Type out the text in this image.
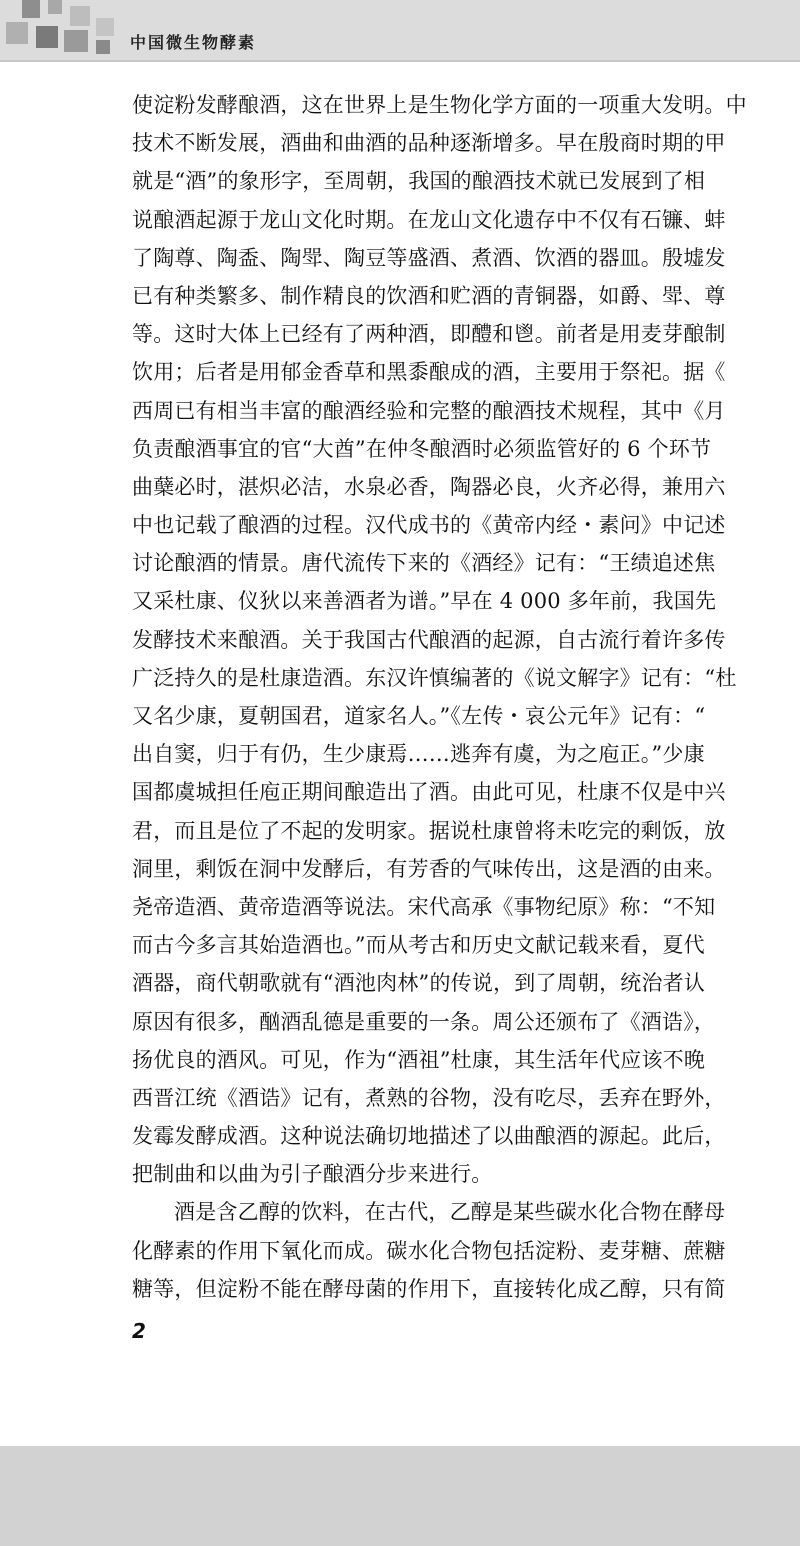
中国微生物酵素
使淀粉发酵酿酒，这在世界上是生物化学方面的一项重大发明。中
技术不断发展，酒曲和曲酒的品种逐渐增多。早在殷商时期的甲
就是“酒”的象形字，至周朝，我国的酿酒技术就已发展到了相
说酿酒起源于龙山文化时期。在龙山文化遗存中不仅有石镰、蚌
了陶尊、陶盉、陶斝、陶豆等盛酒、煮酒、饮酒的器皿。殷墟发
已有种类繁多、制作精良的饮酒和贮酒的青铜器，如爵、斝、尊
等。这时大体上已经有了两种酒，即醴和鬯。前者是用麦芽酿制
饮用；后者是用郁金香草和黑黍酿成的酒，主要用于祭祀。据《
西周已有相当丰富的酿酒经验和完整的酿酒技术规程，其中《月
负责酿酒事宜的官“大酋”在仲冬酿酒时必须监管好的 6 个环节
曲蘖必时，湛炽必洁，水泉必香，陶器必良，火齐必得，兼用六
中也记载了酿酒的过程。汉代成书的《黄帝内经・素问》中记述
讨论酿酒的情景。唐代流传下来的《酒经》记有：“王绩追述焦
又采杜康、仪狄以来善酒者为谱。”早在 4 000 多年前，我国先
发酵技术来酿酒。关于我国古代酿酒的起源，自古流行着许多传
广泛持久的是杜康造酒。东汉许慎编著的《说文解字》记有：“杜
又名少康，夏朝国君，道家名人。”《左传・哀公元年》记有：“
出自窦，归于有仍，生少康焉……逃奔有虞，为之庖正。”少康
国都虞城担任庖正期间酿造出了酒。由此可见，杜康不仅是中兴
君，而且是位了不起的发明家。据说杜康曾将未吃完的剩饭，放
洞里，剩饭在洞中发酵后，有芳香的气味传出，这是酒的由来。
尧帝造酒、黄帝造酒等说法。宋代高承《事物纪原》称：“不知
而古今多言其始造酒也。”而从考古和历史文献记载来看，夏代
酒器，商代朝歌就有“酒池肉林”的传说，到了周朝，统治者认
原因有很多，酗酒乱德是重要的一条。周公还颁布了《酒诰》，
扬优良的酒风。可见，作为“酒祖”杜康，其生活年代应该不晚
西晋江统《酒诰》记有，煮熟的谷物，没有吃尽，丢弃在野外，
发霉发酵成酒。这种说法确切地描述了以曲酿酒的源起。此后，
把制曲和以曲为引子酿酒分步来进行。
酒是含乙醇的饮料，在古代，乙醇是某些碳水化合物在酵母
化酵素的作用下氧化而成。碳水化合物包括淀粉、麦芽糖、蔗糖
糖等，但淀粉不能在酵母菌的作用下，直接转化成乙醇，只有简
2
